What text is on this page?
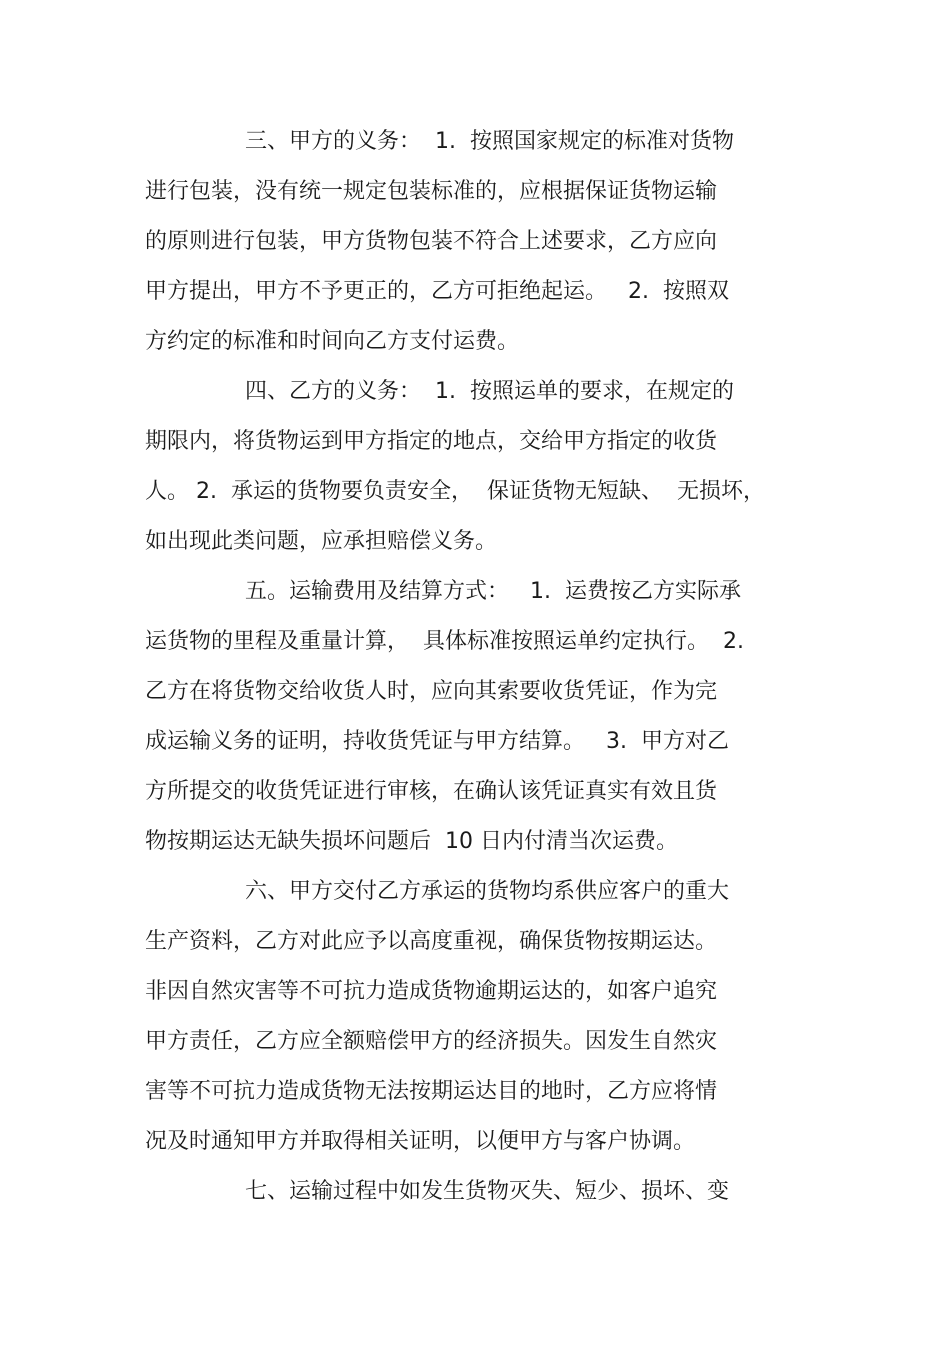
三、甲方的义务：  1.  按照国家规定的标准对货物
进行包装，没有统一规定包装标准的，应根据保证货物运输
的原则进行包装，甲方货物包装不符合上述要求，乙方应向
甲方提出，甲方不予更正的，乙方可拒绝起运。   2.  按照双
方约定的标准和时间向乙方支付运费。
四、乙方的义务：  1.  按照运单的要求，在规定的
期限内，将货物运到甲方指定的地点，交给甲方指定的收货
人。 2.  承运的货物要负责安全，  保证货物无短缺、  无损坏，
如出现此类问题，应承担赔偿义务。
五。运输费用及结算方式：   1.  运费按乙方实际承
运货物的里程及重量计算，  具体标准按照运单约定执行。  2.
乙方在将货物交给收货人时，应向其索要收货凭证，作为完
成运输义务的证明，持收货凭证与甲方结算。   3.  甲方对乙
方所提交的收货凭证进行审核，在确认该凭证真实有效且货
物按期运达无缺失损坏问题后  10 日内付清当次运费。
六、甲方交付乙方承运的货物均系供应客户的重大
生产资料，乙方对此应予以高度重视，确保货物按期运达。
非因自然灾害等不可抗力造成货物逾期运达的，如客户追究
甲方责任，乙方应全额赔偿甲方的经济损失。因发生自然灾
害等不可抗力造成货物无法按期运达目的地时，乙方应将情
况及时通知甲方并取得相关证明，以便甲方与客户协调。
七、运输过程中如发生货物灭失、短少、损坏、变
